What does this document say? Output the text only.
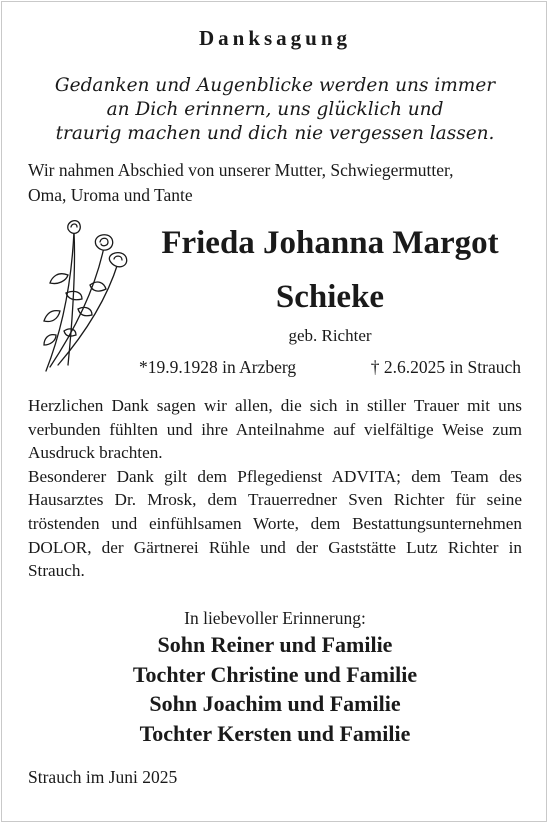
Danksagung
Gedanken und Augenblicke werden uns immer
an Dich erinnern, uns glücklich und
traurig machen und dich nie vergessen lassen.
Wir nahmen Abschied von unserer Mutter, Schwiegermutter,
Oma, Uroma und Tante
Frieda Johanna Margot
Schieke
geb. Richter
*19.9.1928 in Arzberg	† 2.6.2025 in Strauch

Herzlichen Dank sagen wir allen, die sich in stiller Trauer mit uns verbunden fühlten und ihre Anteilnahme auf vielfältige Weise zum Ausdruck brachten.

Besonderer Dank gilt dem Pflegedienst ADVITA; dem Team des Hausarztes Dr. Mrosk, dem Trauerredner Sven Richter für seine tröstenden und einfühlsamen Worte, dem Bestattungsunternehmen DOLOR, der Gärtnerei Rühle und der Gaststätte Lutz Richter in Strauch.

In liebevoller Erinnerung:
Sohn Reiner und Familie
Tochter Christine und Familie
Sohn Joachim und Familie
Tochter Kersten und Familie
Strauch im Juni 2025
